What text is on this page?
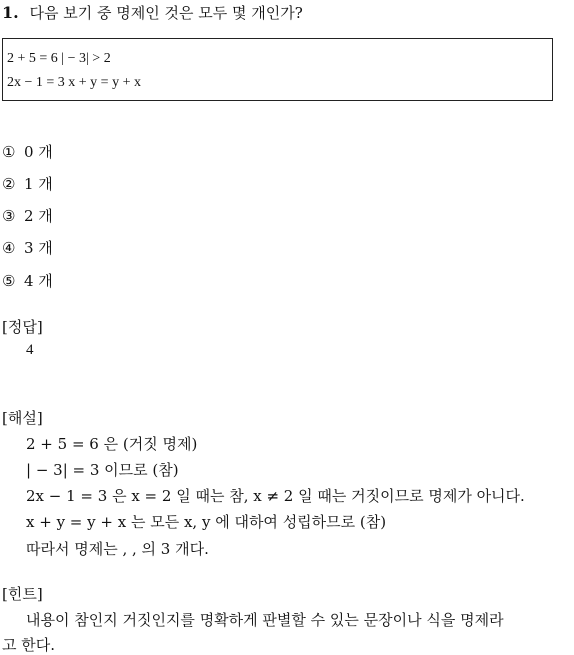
1. 다음 보기 중 명제인 것은 모두 몇 개인가?
2 + 5 = 6 | − 3| > 2
2x − 1 = 3 x + y = y + x
① 0 개
② 1 개
③ 2 개
④ 3 개
⑤ 4 개
[정답]
4
[해설]
2 + 5 = 6 은 (거짓 명제)
| − 3| = 3 이므로 (참)
2x − 1 = 3 은 x = 2 일 때는 참, x ≠ 2 일 때는 거짓이므로 명제가 아니다.
x + y = y + x 는 모든 x, y 에 대하여 성립하므로 (참)
따라서 명제는 , , 의 3 개다.
[힌트]
내용이 참인지 거짓인지를 명확하게 판별할 수 있는 문장이나 식을 명제라
고 한다.
